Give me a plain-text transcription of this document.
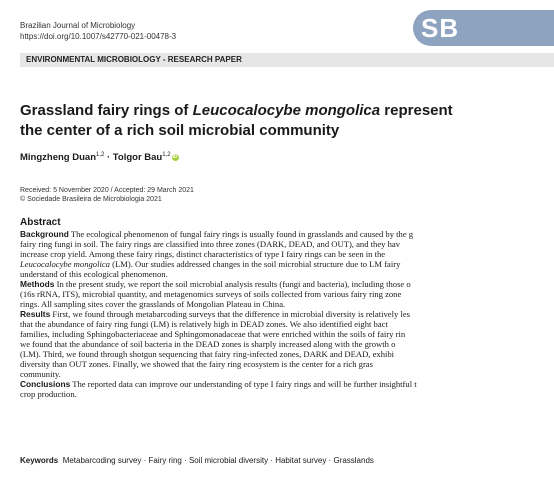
Brazilian Journal of Microbiology
https://doi.org/10.1007/s42770-021-00478-3	SB
ENVIRONMENTAL MICROBIOLOGY - RESEARCH PAPER
Grassland fairy rings of Leucocalocybe mongolica represent
the center of a rich soil microbial community
Mingzheng Duan$^{1,2}$ · Tolgor Bau$^{1,2}$ iD
Received: 5 November 2020 / Accepted: 29 March 2021
© Sociedade Brasileira de Microbiologia 2021
Abstract
Background The ecological phenomenon of fungal fairy rings is usually found in grasslands and caused by the g
fairy ring fungi in soil. The fairy rings are classified into three zones (DARK, DEAD, and OUT), and they hav
increase crop yield. Among these fairy rings, distinct characteristics of type I fairy rings can be seen in the
Leucocalocybe mongolica (LM). Our studies addressed changes in the soil microbial structure due to LM fairy
understand of this ecological phenomenon.
Methods In the present study, we report the soil microbial analysis results (fungi and bacteria), including those o
(16s rRNA, ITS), microbial quantity, and metagenomics surveys of soils collected from various fairy ring zone
rings. All sampling sites cover the grasslands of Mongolian Plateau in China.
Results First, we found through metabarcoding surveys that the difference in microbial diversity is relatively les
that the abundance of fairy ring fungi (LM) is relatively high in DEAD zones. We also identified eight bact
families, including Sphingobacteriaceae and Sphingomonadaceae that were enriched within the soils of fairy rin
we found that the abundance of soil bacteria in the DEAD zones is sharply increased along with the growth o
(LM). Third, we found through shotgun sequencing that fairy ring-infected zones, DARK and DEAD, exhibi
diversity than OUT zones. Finally, we showed that the fairy ring ecosystem is the center for a rich gras
community.
Conclusions The reported data can improve our understanding of type I fairy rings and will be further insightful t
crop production.
Keywords Metabarcoding survey · Fairy ring · Soil microbial diversity · Habitat survey · Grasslands
